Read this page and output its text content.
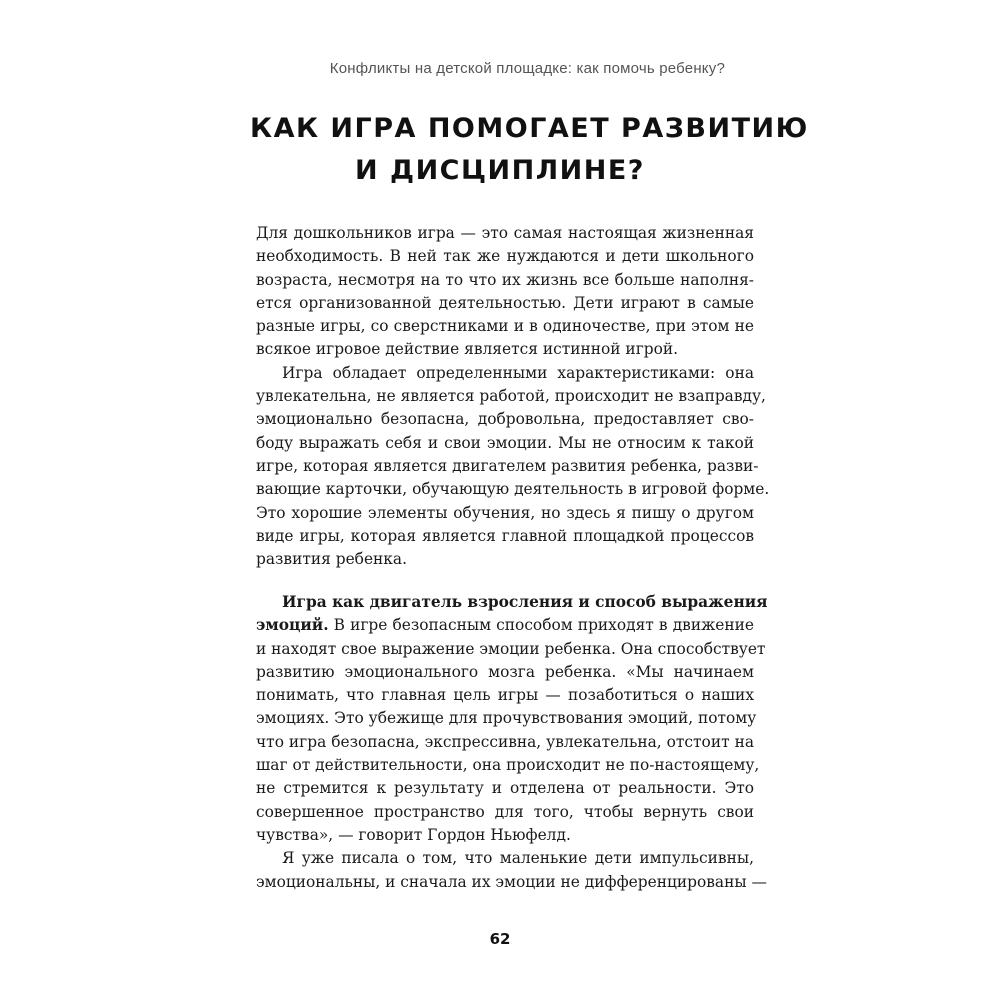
Конфликты на детской площадке: как помочь ребенку?
КАК ИГРА ПОМОГАЕТ РАЗВИТИЮ
И ДИСЦИПЛИНЕ?
Для дошкольников игра — это самая настоящая жизненная
необходимость. В ней так же нуждаются и дети школьного
возраста, несмотря на то что их жизнь все больше наполня-
ется организованной деятельностью. Дети играют в самые
разные игры, со сверстниками и в одиночестве, при этом не
всякое игровое действие является истинной игрой.
Игра обладает определенными характеристиками: она
увлекательна, не является работой, происходит не взаправду,
эмоционально безопасна, добровольна, предоставляет сво-
боду выражать себя и свои эмоции. Мы не относим к такой
игре, которая является двигателем развития ребенка, разви-
вающие карточки, обучающую деятельность в игровой форме.
Это хорошие элементы обучения, но здесь я пишу о другом
виде игры, которая является главной площадкой процессов
развития ребенка.
Игра как двигатель взросления и способ выражения
эмоций. В игре безопасным способом приходят в движение
и находят свое выражение эмоции ребенка. Она способствует
развитию эмоционального мозга ребенка. «Мы начинаем
понимать, что главная цель игры — позаботиться о наших
эмоциях. Это убежище для прочувствования эмоций, потому
что игра безопасна, экспрессивна, увлекательна, отстоит на
шаг от действительности, она происходит не по-настоящему,
не стремится к результату и отделена от реальности. Это
совершенное пространство для того, чтобы вернуть свои
чувства», — говорит Гордон Ньюфелд.
Я уже писала о том, что маленькие дети импульсивны,
эмоциональны, и сначала их эмоции не дифференцированы —
62
